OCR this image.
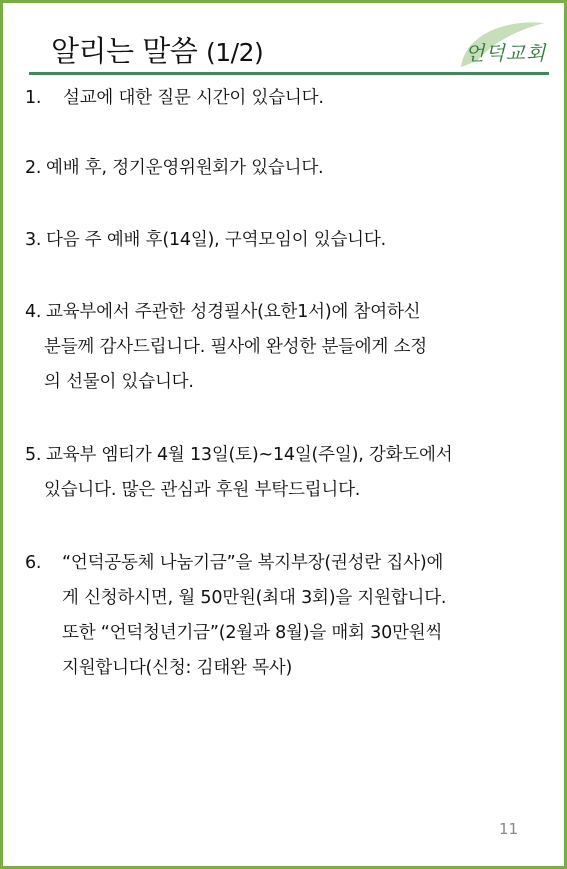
알리는 말씀 (1/2)	언덕교회

1. 설교에 대한 질문 시간이 있습니다.

2. 예배 후, 정기운영위원회가 있습니다.

3. 다음 주 예배 후(14일), 구역모임이 있습니다.

4. 교육부에서 주관한 성경필사(요한1서)에 참여하신
분들께 감사드립니다. 필사에 완성한 분들에게 소정
의 선물이 있습니다.

5. 교육부 엠티가 4월 13일(토)~14일(주일), 강화도에서
있습니다. 많은 관심과 후원 부탁드립니다.

6. “언덕공동체 나눔기금”을 복지부장(권성란 집사)에
게 신청하시면, 월 50만원(최대 3회)을 지원합니다.
또한 “언덕청년기금”(2월과 8월)을 매회 30만원씩
지원합니다(신청: 김태완 목사)

11
